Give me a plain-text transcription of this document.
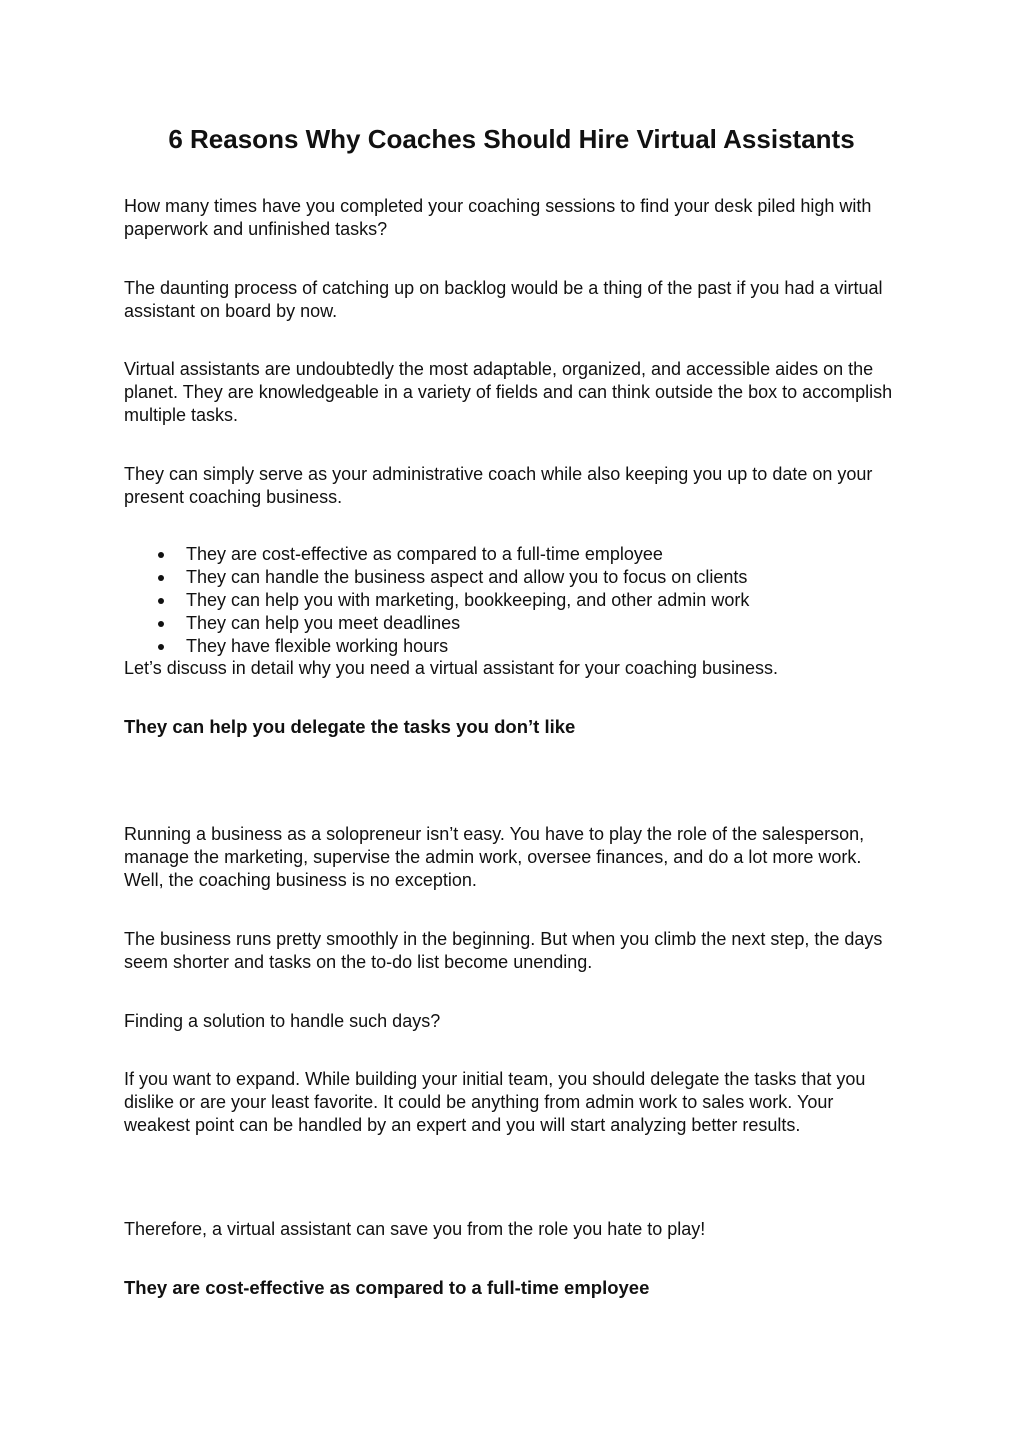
6 Reasons Why Coaches Should Hire Virtual Assistants

How many times have you completed your coaching sessions to find your desk piled high with paperwork and unfinished tasks?

The daunting process of catching up on backlog would be a thing of the past if you had a virtual assistant on board by now.

Virtual assistants are undoubtedly the most adaptable, organized, and accessible aides on the planet. They are knowledgeable in a variety of fields and can think outside the box to accomplish multiple tasks.

They can simply serve as your administrative coach while also keeping you up to date on your present coaching business.

They are cost-effective as compared to a full-time employee
They can handle the business aspect and allow you to focus on clients
They can help you with marketing, bookkeeping, and other admin work
They can help you meet deadlines
They have flexible working hours

Let’s discuss in detail why you need a virtual assistant for your coaching business.

They can help you delegate the tasks you don’t like

Running a business as a solopreneur isn’t easy. You have to play the role of the salesperson, manage the marketing, supervise the admin work, oversee finances, and do a lot more work. Well, the coaching business is no exception.

The business runs pretty smoothly in the beginning. But when you climb the next step, the days seem shorter and tasks on the to-do list become unending.

Finding a solution to handle such days?

If you want to expand. While building your initial team, you should delegate the tasks that you dislike or are your least favorite. It could be anything from admin work to sales work. Your weakest point can be handled by an expert and you will start analyzing better results.

Therefore, a virtual assistant can save you from the role you hate to play!

They are cost-effective as compared to a full-time employee
